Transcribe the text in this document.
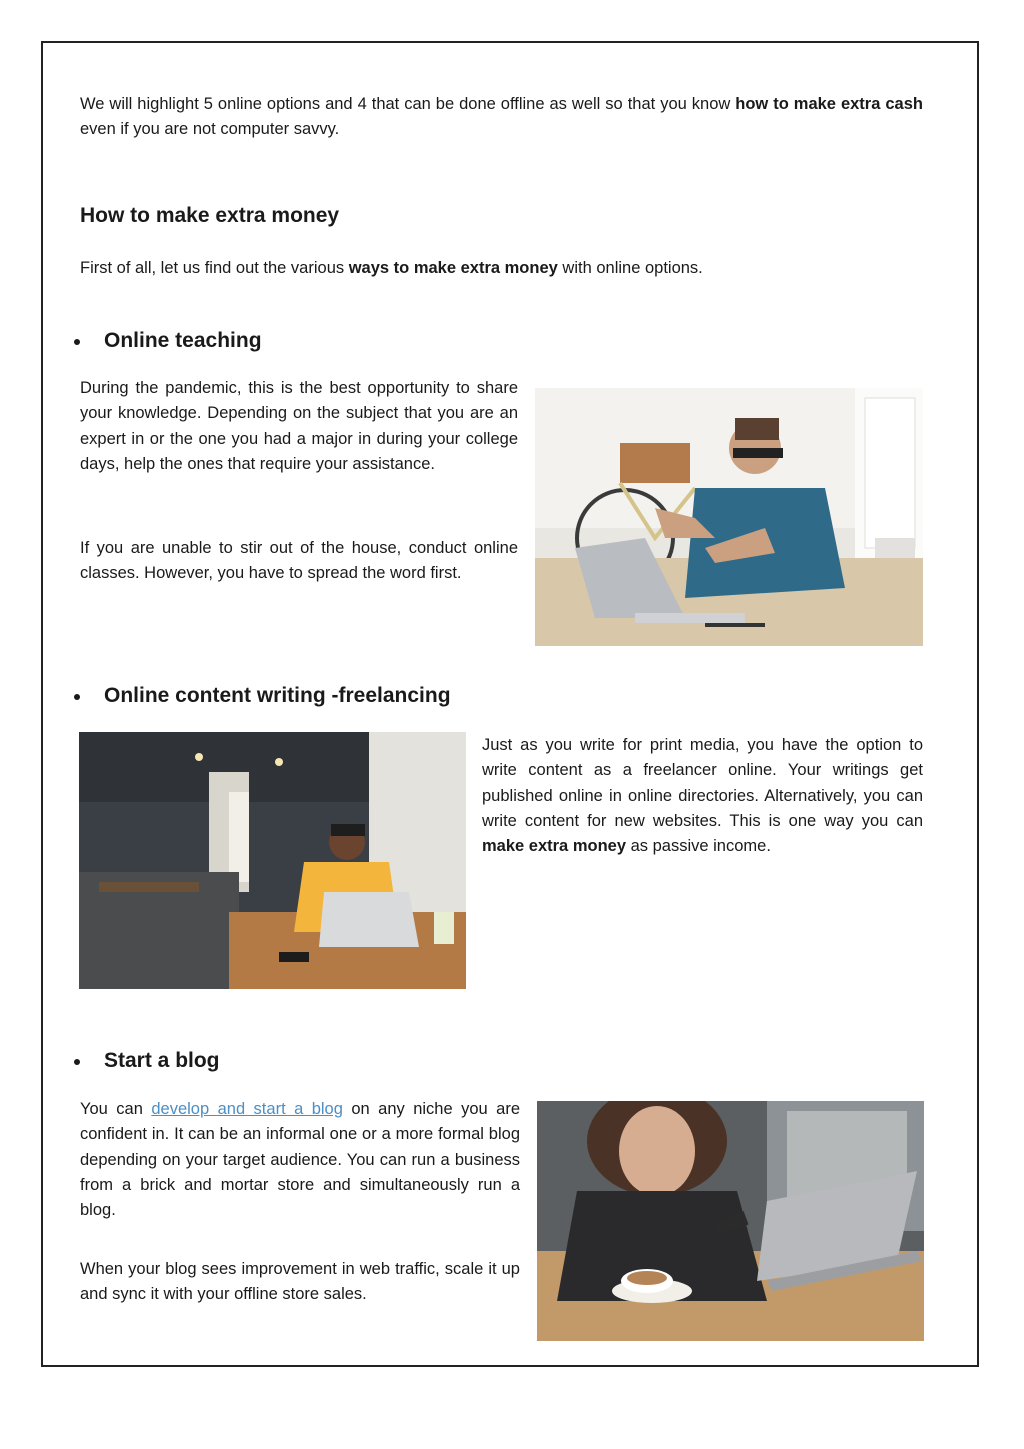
We will highlight 5 online options and 4 that can be done offline as well so that you know how to make extra cash even if you are not computer savvy.

How to make extra money

First of all, let us find out the various ways to make extra money with online options.

Online teaching

During the pandemic, this is the best opportunity to share your knowledge. Depending on the subject that you are an expert in or the one you had a major in during your college days, help the ones that require your assistance.

If you are unable to stir out of the house, conduct online classes. However, you have to spread the word first.

Online content writing -freelancing

Just as you write for print media, you have the option to write content as a freelancer online. Your writings get published online in online directories. Alternatively, you can write content for new websites. This is one way you can make extra money as passive income.

Start a blog

You can develop and start a blog on any niche you are confident in. It can be an informal one or a more formal blog depending on your target audience. You can run a business from a brick and mortar store and simultaneously run a blog.

When your blog sees improvement in web traffic, scale it up and sync it with your offline store sales.
